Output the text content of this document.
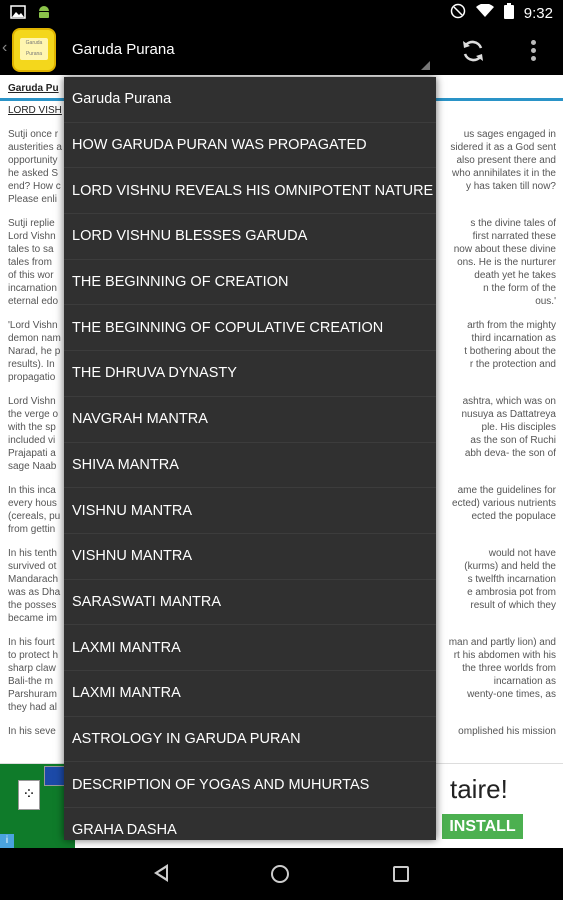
9:32
‹	Garuda Purana	Garuda Purana
Garuda Pu
LORD VISH

Sutji once r	us sages engaged in
austerities a	sidered it as a God sent
opportunity	also present there and
he asked S	who annihilates it in the
end? How c	y has taken till now?
Please enli

Sutji replie	s the divine tales of
Lord Vishn	first narrated these
tales to sa	now about these divine
tales from	ons. He is the nurturer
of this wor	death yet he takes
incarnation	n the form of the
eternal edo	ous.'

'Lord Vishn	arth from the mighty
demon nam	third incarnation as
Narad, he p	t bothering about the
results). In	r the protection and
propagatio

Lord Vishn	ashtra, which was on
the verge o	nusuya as Dattatreya
with the sp	ple. His disciples
included vi	as the son of Ruchi
Prajapati a	abh deva- the son of
sage Naab

In this inca	ame the guidelines for
every hous	ected) various nutrients
(cereals, pu	ected the populace
from gettin

In his tenth	would not have
survived ot	(kurms) and held the
Mandarach	s twelfth incarnation
was as Dha	e ambrosia pot from
the posses	result of which they
became im

In his fourt	man and partly lion) and
to protect h	rt his abdomen with his
sharp claw	the three worlds from
Bali-the m	incarnation as
Parshuram	wenty-one times, as
they had al

In his seve	omplished his mission

⁘	taire!
INSTALL
i
Garuda Purana
HOW GARUDA PURAN WAS PROPAGATED
LORD VISHNU REVEALS HIS OMNIPOTENT NATURE
LORD VISHNU BLESSES GARUDA
THE BEGINNING OF CREATION
THE BEGINNING OF COPULATIVE CREATION
THE DHRUVA DYNASTY
NAVGRAH MANTRA
SHIVA MANTRA
VISHNU MANTRA
VISHNU MANTRA
SARASWATI MANTRA
LAXMI MANTRA
LAXMI MANTRA
ASTROLOGY IN GARUDA PURAN
DESCRIPTION OF YOGAS AND MUHURTAS
GRAHA DASHA
